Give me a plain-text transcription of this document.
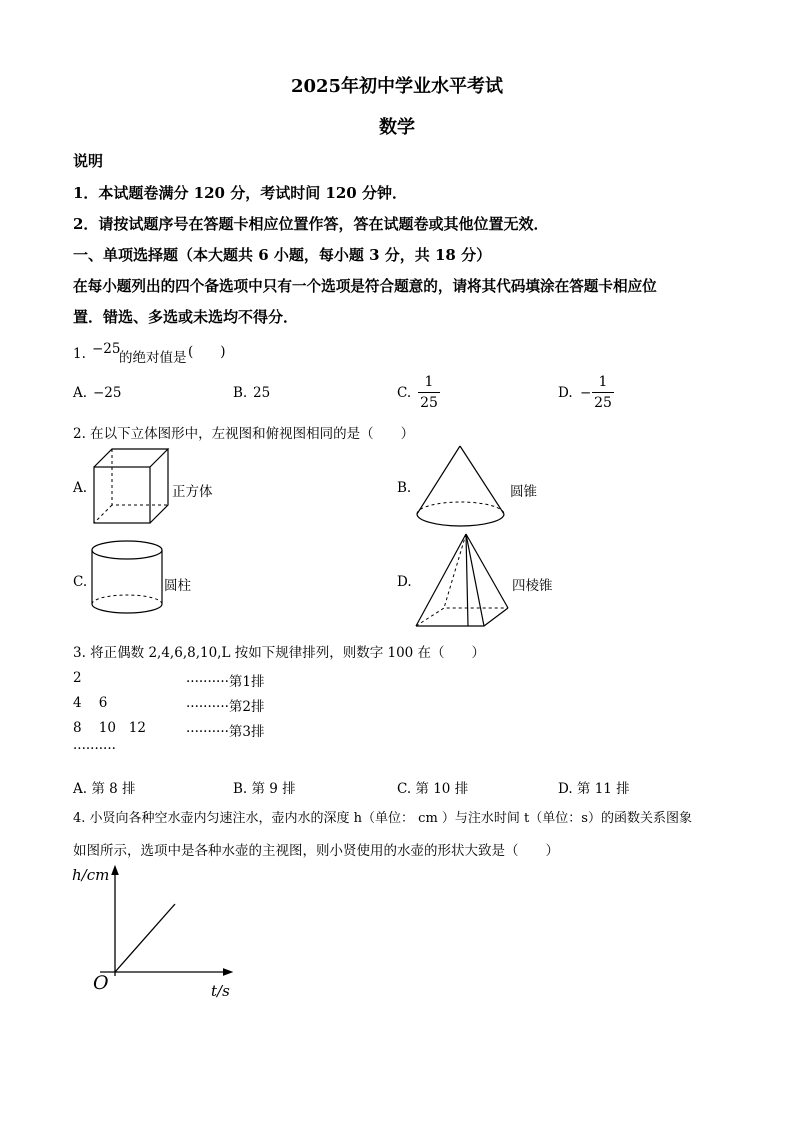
2025年初中学业水平考试
数学
说明
1．本试题卷满分 120 分，考试时间 120 分钟．
2．请按试题序号在答题卡相应位置作答，答在试题卷或其他位置无效．
一、单项选择题（本大题共 6 小题，每小题 3 分，共 18 分）
在每小题列出的四个备选项中只有一个选项是符合题意的，请将其代码填涂在答题卡相应位
置．错选、多选或未选均不得分．
1. −25
的绝对值是 (　　)
A. −25	B. 25	C.
1
25
D. −
1
25
2. 在以下立体图形中，左视图和俯视图相同的是（　　）
A.	正方体	B.	圆锥
C.	圆柱	D.	四棱锥
3. 将正偶数 2,4,6,8,10,L 按如下规律排列，则数字 100 在（　　）
2	··········第1排
4    6	··········第2排
8    10   12	··········第3排
··········
A. 第 8 排	B. 第 9 排	C. 第 10 排	D. 第 11 排
4. 小贤向各种空水壶内匀速注水，壶内水的深度 h（单位： cm ）与注水时间 t（单位：s）的函数关系图象
如图所示，选项中是各种水壶的主视图，则小贤使用的水壶的形状大致是（　　）
h/cm
t/s
O
